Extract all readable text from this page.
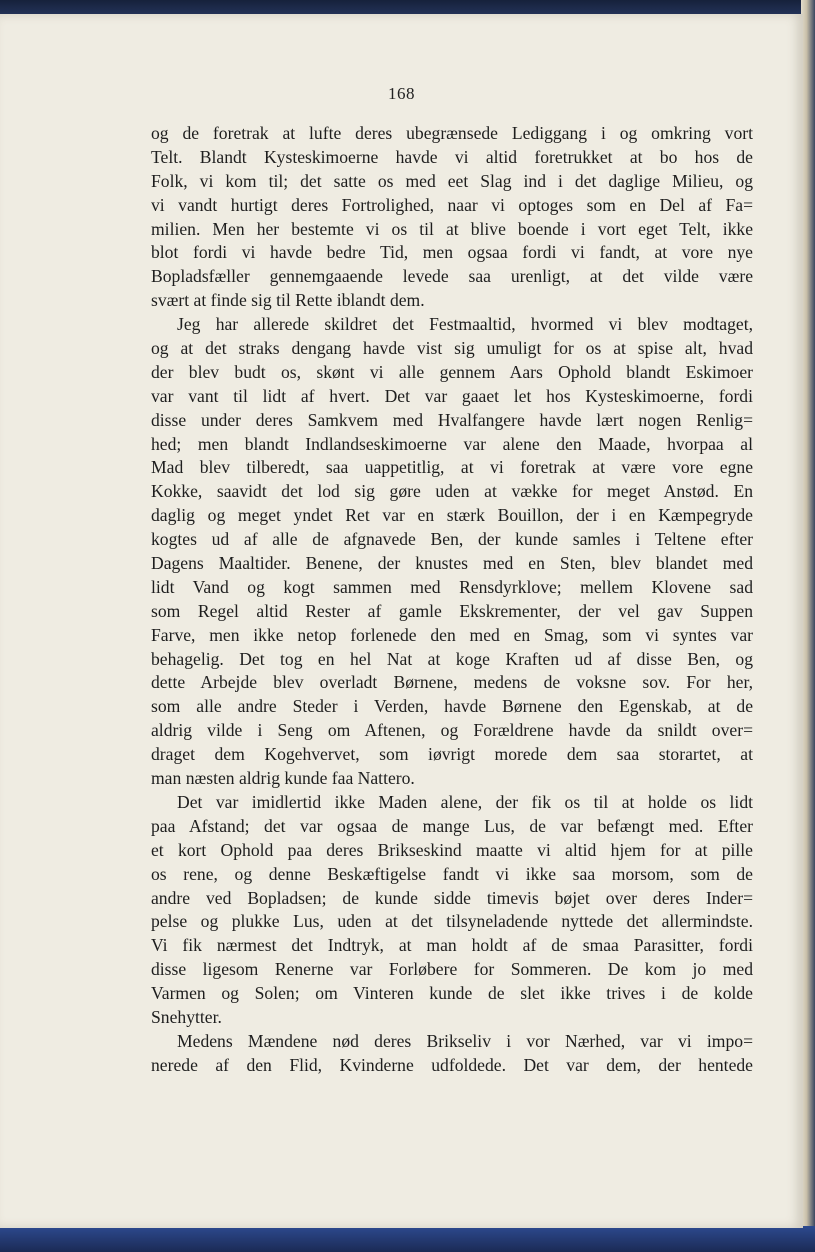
168
og de foretrak at lufte deres ubegrænsede Lediggang i og omkring vort
Telt. Blandt Kysteskimoerne havde vi altid foretrukket at bo hos de
Folk, vi kom til; det satte os med eet Slag ind i det daglige Milieu, og
vi vandt hurtigt deres Fortrolighed, naar vi optoges som en Del af Fa=
milien. Men her bestemte vi os til at blive boende i vort eget Telt, ikke
blot fordi vi havde bedre Tid, men ogsaa fordi vi fandt, at vore nye
Bopladsfæller gennemgaaende levede saa urenligt, at det vilde være
svært at finde sig til Rette iblandt dem.
Jeg har allerede skildret det Festmaaltid, hvormed vi blev modtaget,
og at det straks dengang havde vist sig umuligt for os at spise alt, hvad
der blev budt os, skønt vi alle gennem Aars Ophold blandt Eskimoer
var vant til lidt af hvert. Det var gaaet let hos Kysteskimoerne, fordi
disse under deres Samkvem med Hvalfangere havde lært nogen Renlig=
hed; men blandt Indlandseskimoerne var alene den Maade, hvorpaa al
Mad blev tilberedt, saa uappetitlig, at vi foretrak at være vore egne
Kokke, saavidt det lod sig gøre uden at vække for meget Anstød. En
daglig og meget yndet Ret var en stærk Bouillon, der i en Kæmpegryde
kogtes ud af alle de afgnavede Ben, der kunde samles i Teltene efter
Dagens Maaltider. Benene, der knustes med en Sten, blev blandet med
lidt Vand og kogt sammen med Rensdyrklove; mellem Klovene sad
som Regel altid Rester af gamle Ekskrementer, der vel gav Suppen
Farve, men ikke netop forlenede den med en Smag, som vi syntes var
behagelig. Det tog en hel Nat at koge Kraften ud af disse Ben, og
dette Arbejde blev overladt Børnene, medens de voksne sov. For her,
som alle andre Steder i Verden, havde Børnene den Egenskab, at de
aldrig vilde i Seng om Aftenen, og Forældrene havde da snildt over=
draget dem Kogehvervet, som iøvrigt morede dem saa storartet, at
man næsten aldrig kunde faa Nattero.
Det var imidlertid ikke Maden alene, der fik os til at holde os lidt
paa Afstand; det var ogsaa de mange Lus, de var befængt med. Efter
et kort Ophold paa deres Brikseskind maatte vi altid hjem for at pille
os rene, og denne Beskæftigelse fandt vi ikke saa morsom, som de
andre ved Bopladsen; de kunde sidde timevis bøjet over deres Inder=
pelse og plukke Lus, uden at det tilsyneladende nyttede det allermindste.
Vi fik nærmest det Indtryk, at man holdt af de smaa Parasitter, fordi
disse ligesom Renerne var Forløbere for Sommeren. De kom jo med
Varmen og Solen; om Vinteren kunde de slet ikke trives i de kolde
Snehytter.
Medens Mændene nød deres Brikseliv i vor Nærhed, var vi impo=
nerede af den Flid, Kvinderne udfoldede. Det var dem, der hentede
